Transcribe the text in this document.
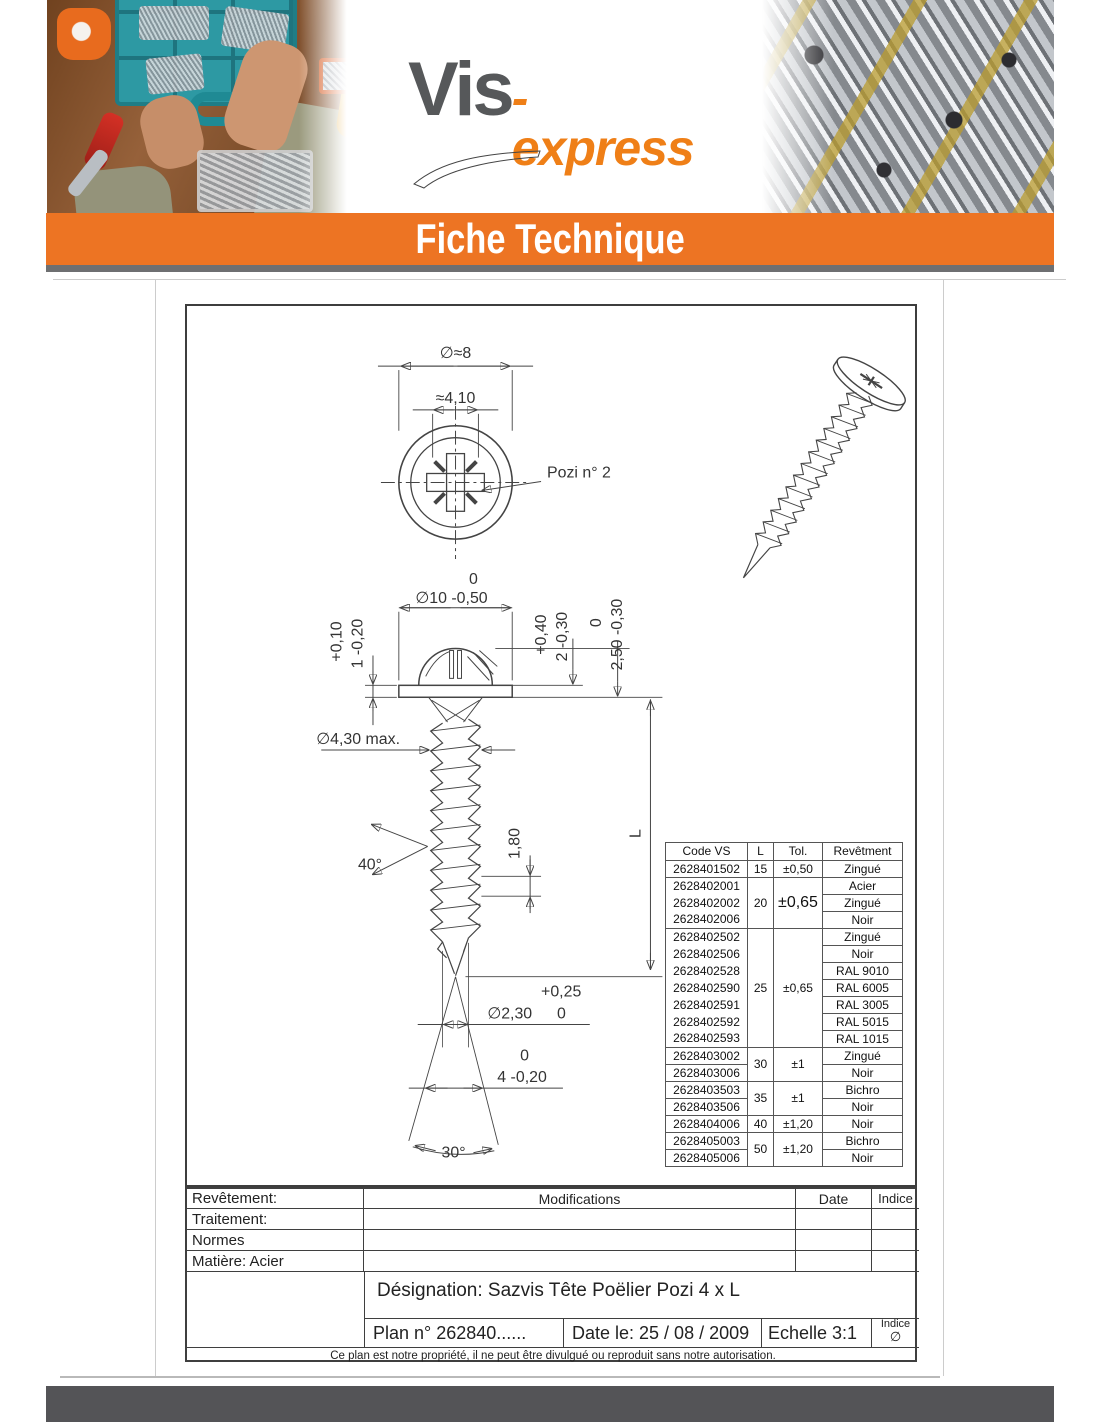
Vis -express
Fiche Technique
∅≈8
≈4,10
Pozi n° 2
0
∅10 -0,50
+0,10 1 -0,20	+0,40 2 -0,30 0 2,50 -0,30
∅4,30 max.
40°
1,80	L
∅2,30 0
+0,25
4 -0,20
0
30°
Code VS	L	Tol.	Revêtment
2628401502	15	±0,50	Zingué
2628402001	20	±0,65	Acier
2628402002			Zingué
2628402006			Noir
2628402502	25	±0,65	Zingué
2628402506			Noir
2628402528			RAL 9010
2628402590			RAL 6005
2628402591			RAL 3005
2628402592			RAL 5015
2628402593			RAL 1015
2628403002	30	±1	Zingué
2628403006			Noir
2628403503	35	±1	Bichro
2628403506			Noir
2628404006	40	±1,20	Noir
2628405003	50	±1,20	Bichro
2628405006			Noir
Revêtement:	Modifications	Date	Indice
Traitement:
Normes
Matière: Acier
Désignation: Sazvis Tête Poëlier Pozi 4 x L
Plan n° 262840......	Date le: 25 / 08 / 2009	Echelle 3:1	Indice
∅
Ce plan est notre propriété, il ne peut être divulgué ou reproduit sans notre autorisation.
